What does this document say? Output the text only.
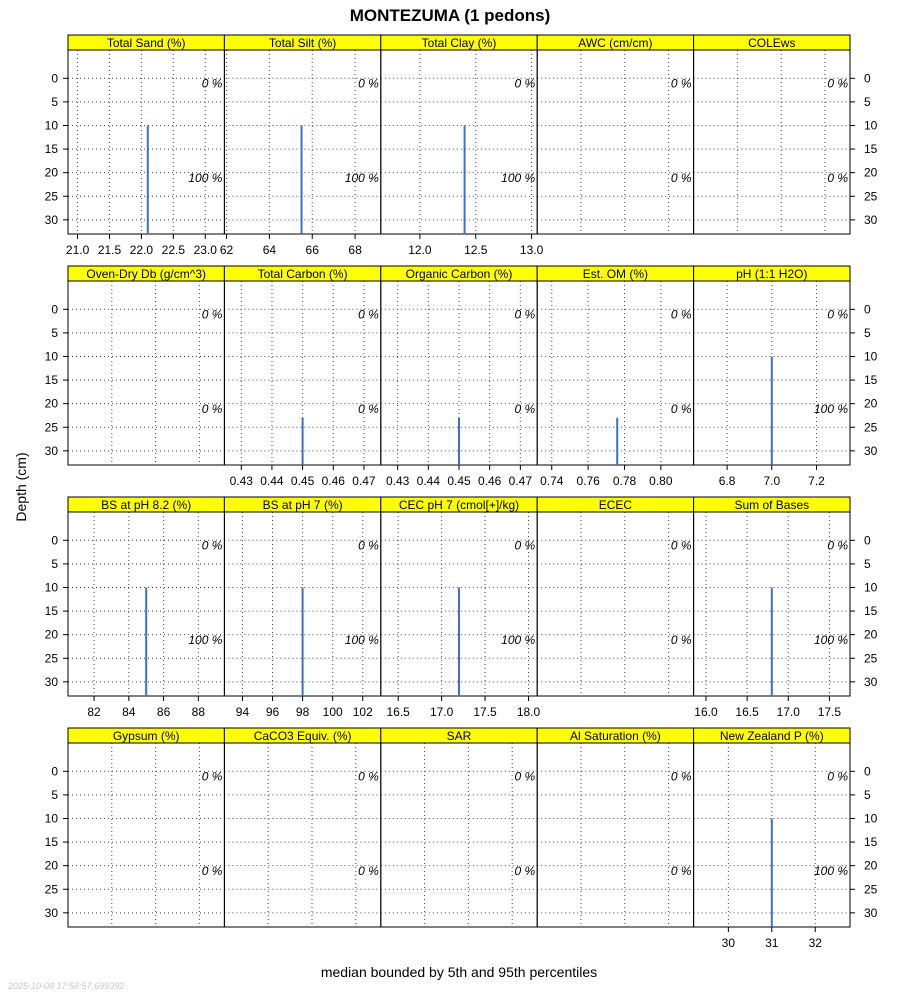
MONTEZUMA (1 pedons)
Depth (cm)
median bounded by 5th and 95th percentiles
2025-10-08 17:58:57.699392
Total Sand (%)
0 %
100 %
21.0 21.5 22.0 22.5 23.0
Total Silt (%)
0 %
100 %
62 64 66 68
Total Clay (%)
0 %
100 %
12.0	12.5	13.0
AWC (cm/cm)
0 %
0 %
COLEws
0 %
0 %
Oven-Dry Db (g/cm^3)
0 %
0 %
Total Carbon (%)
0 %
0 %
0.43 0.44 0.45 0.46 0.47
Organic Carbon (%)
0 %
0 %
0.43 0.44 0.45 0.46 0.47
Est. OM (%)
0 %
0 %
0.74 0.76 0.78 0.80
pH (1:1 H2O)
0 %
100 %
6.8 7.0 7.2
BS at pH 8.2 (%)
0 %
100 %
82 84 86 88
BS at pH 7 (%)
0 %
100 %
94 96 98 100 102
CEC pH 7 (cmol[+]/kg)
0 %
100 %
16.5 17.0 17.5 18.0
ECEC
0 %
0 %
Sum of Bases
0 %
100 %
16.0 16.5 17.0 17.5
Gypsum (%)
0 %
0 %
CaCO3 Equiv. (%)
0 %
0 %
SAR
0 %
0 %
Al Saturation (%)
0 %
0 %
New Zealand P (%)
0 %
100 %
30	31	32
0	0
5	5
10	10
15	15
20	20
25	25
30	30
0	0
5	5
10	10
15	15
20	20
25	25
30	30
0	0
5	5
10	10
15	15
20	20
25	25
30	30
0	0
5	5
10	10
15	15
20	20
25	25
30	30
